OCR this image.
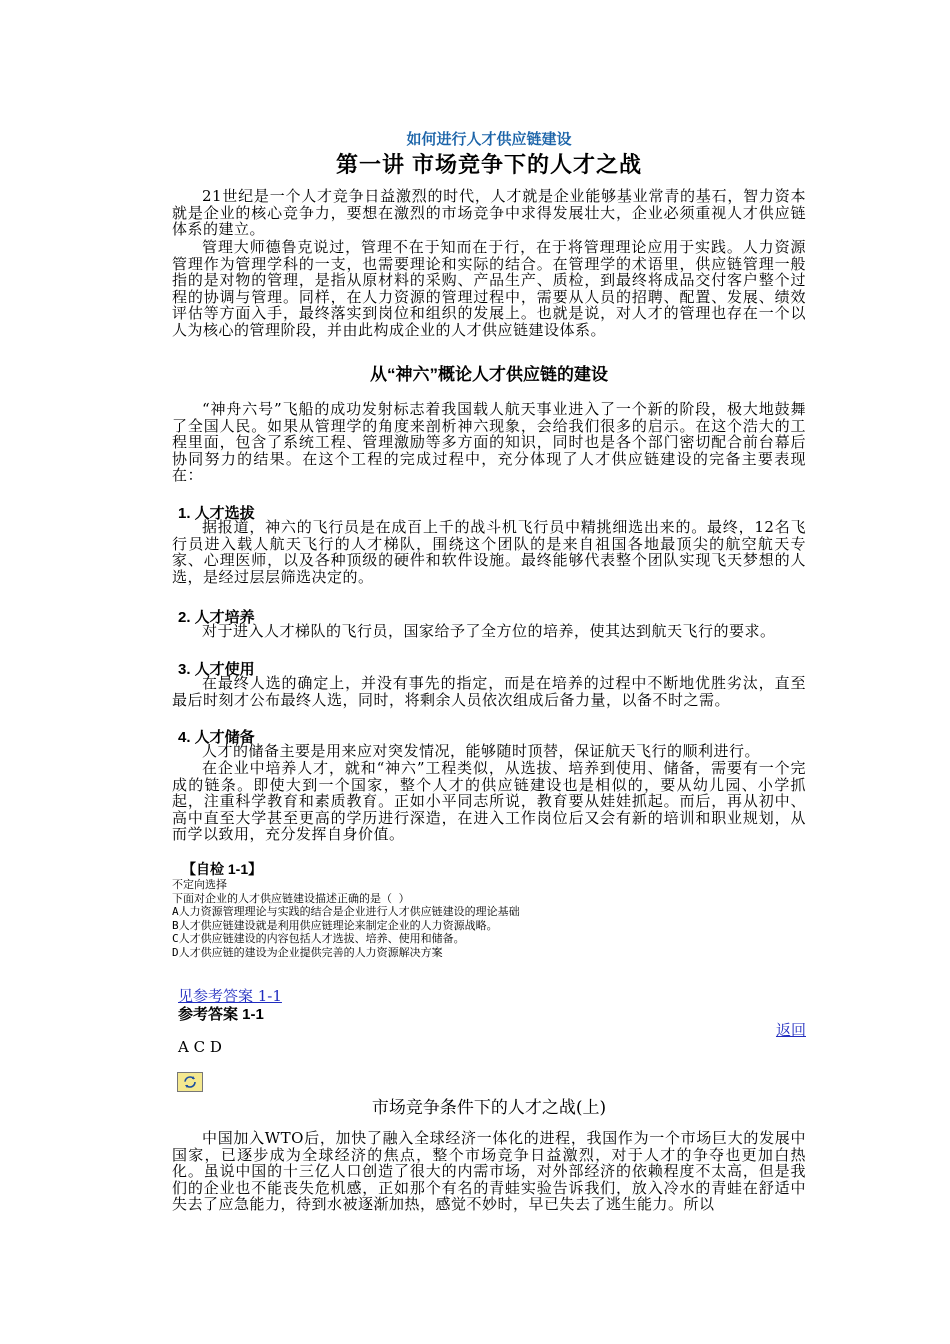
如何进行人才供应链建设
第一讲 市场竞争下的人才之战
21世纪是一个人才竞争日益激烈的时代，人才就是企业能够基业常青的基石，智力资本就是企业的核心竞争力，要想在激烈的市场竞争中求得发展壮大，企业必须重视人才供应链体系的建立。
管理大师德鲁克说过，管理不在于知而在于行，在于将管理理论应用于实践。人力资源管理作为管理学科的一支，也需要理论和实际的结合。在管理学的术语里，供应链管理一般指的是对物的管理，是指从原材料的采购、产品生产、质检，到最终将成品交付客户整个过程的协调与管理。同样，在人力资源的管理过程中，需要从人员的招聘、配置、发展、绩效评估等方面入手，最终落实到岗位和组织的发展上。也就是说，对人才的管理也存在一个以人为核心的管理阶段，并由此构成企业的人才供应链建设体系。
从“神六”概论人才供应链的建设
“神舟六号”飞船的成功发射标志着我国载人航天事业进入了一个新的阶段，极大地鼓舞了全国人民。如果从管理学的角度来剖析神六现象，会给我们很多的启示。在这个浩大的工程里面，包含了系统工程、管理激励等多方面的知识，同时也是各个部门密切配合前台幕后协同努力的结果。在这个工程的完成过程中，充分体现了人才供应链建设的完备主要表现在：
1. 人才选拔
据报道，神六的飞行员是在成百上千的战斗机飞行员中精挑细选出来的。最终，12名飞行员进入载人航天飞行的人才梯队，围绕这个团队的是来自祖国各地最顶尖的航空航天专家、心理医师，以及各种顶级的硬件和软件设施。最终能够代表整个团队实现飞天梦想的人选，是经过层层筛选决定的。
2. 人才培养
对于进入人才梯队的飞行员，国家给予了全方位的培养，使其达到航天飞行的要求。
3. 人才使用
在最终人选的确定上，并没有事先的指定，而是在培养的过程中不断地优胜劣汰，直至最后时刻才公布最终人选，同时，将剩余人员依次组成后备力量，以备不时之需。
4. 人才储备
人才的储备主要是用来应对突发情况，能够随时顶替，保证航天飞行的顺利进行。
在企业中培养人才，就和“神六”工程类似，从选拔、培养到使用、储备，需要有一个完成的链条。即使大到一个国家，整个人才的供应链建设也是相似的，要从幼儿园、小学抓起，注重科学教育和素质教育。正如小平同志所说，教育要从娃娃抓起。而后，再从初中、高中直至大学甚至更高的学历进行深造，在进入工作岗位后又会有新的培训和职业规划，从而学以致用，充分发挥自身价值。
【自检 1-1】
不定向选择
下面对企业的人才供应链建设描述正确的是（ ）
A人力资源管理理论与实践的结合是企业进行人才供应链建设的理论基础
B人才供应链建设就是利用供应链理论来制定企业的人力资源战略。
C人才供应链建设的内容包括人才选拔、培养、使用和储备。
D人才供应链的建设为企业提供完善的人力资源解决方案
见参考答案 1-1
参考答案 1-1
返回
A C D
市场竞争条件下的人才之战(上)
中国加入WTO后，加快了融入全球经济一体化的进程，我国作为一个市场巨大的发展中国家，已逐步成为全球经济的焦点，整个市场竞争日益激烈，对于人才的争夺也更加白热化。虽说中国的十三亿人口创造了很大的内需市场，对外部经济的依赖程度不太高，但是我们的企业也不能丧失危机感，正如那个有名的青蛙实验告诉我们，放入冷水的青蛙在舒适中失去了应急能力，待到水被逐渐加热，感觉不妙时，早已失去了逃生能力。所以
